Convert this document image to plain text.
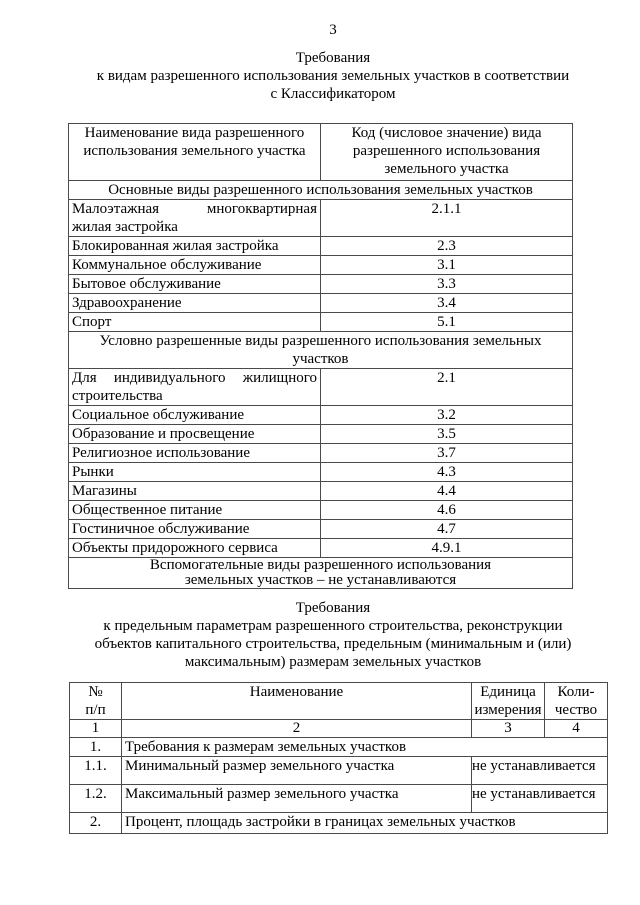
3
Требования
к видам разрешенного использования земельных участков в соответствии
с Классификатором
Наименование вида разрешенного использования земельного участка	Код (числовое значение) вида разрешенного использования земельного участка
Основные виды разрешенного использования земельных участков	

Малоэтажная многоквартирная
жилая застройка	2.1.1
Блокированная жилая застройка	2.3
Коммунальное обслуживание	3.1
Бытовое обслуживание	3.3
Здравоохранение	3.4
Спорт	5.1

Условно разрешенные виды разрешенного использования земельных
участков	

Для индивидуального жилищного
строительства	2.1
Социальное обслуживание	3.2
Образование и просвещение	3.5
Религиозное использование	3.7
Рынки	4.3
Магазины	4.4
Общественное питание	4.6
Гостиничное обслуживание	4.7
Объекты придорожного сервиса	4.9.1

Вспомогательные виды разрешенного использования
земельных участков – не устанавливаются	
Требования
к предельным параметрам разрешенного строительства, реконструкции
объектов капитального строительства, предельным (минимальным и (или)
максимальным) размерам земельных участков
№
п/п	Наименование	Единица измерения	Коли-чество
1	2	3	4
1.	Требования к размерам земельных участков		
1.1.	Минимальный размер земельного участка	не устанавливается	
1.2.	Максимальный размер земельного участка	не устанавливается	
2.	Процент, площадь застройки в границах земельных участков		
